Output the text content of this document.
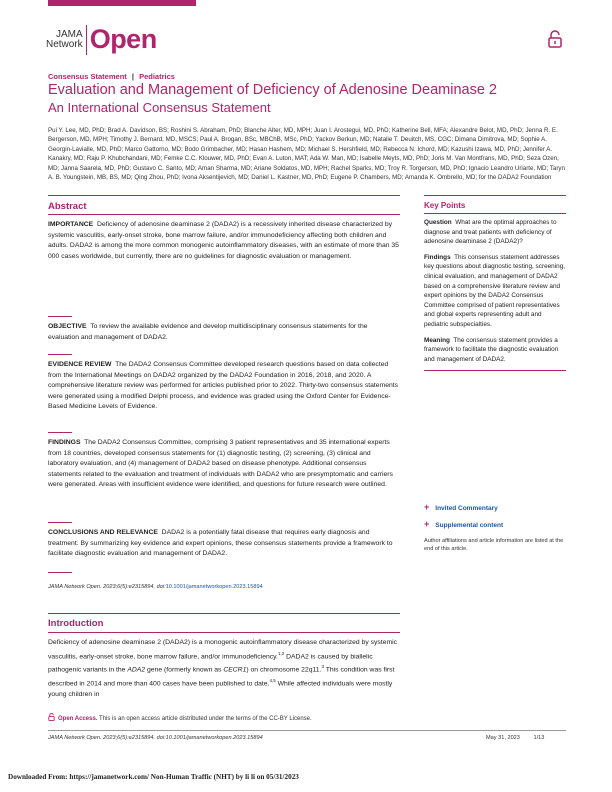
JAMA
Network		Open
Consensus Statement | Pediatrics
Evaluation and Management of Deficiency of Adenosine Deaminase 2
An International Consensus Statement
Pui Y. Lee, MD, PhD; Brad A. Davidson, BS; Roshini S. Abraham, PhD; Blanche Alter, MD, MPH; Juan I. Arostegui, MD, PhD; Katherine Bell, MFA; Alexandre Belot, MD, PhD; Jenna R. E. Bergerson, MD, MPH; Timothy J. Bernard, MD, MSCS; Paul A. Brogan, BSc, MBChB, MSc, PhD; Yackov Berkun, MD; Natalie T. Deuitch, MS, CGC; Dimana Dimitrova, MD; Sophie A. Georgin-Lavialle, MD, PhD; Marco Gattorno, MD; Bodo Grimbacher, MD; Hasan Hashem, MD; Michael S. Hershfield, MD; Rebecca N. Ichord, MD; Kazushi Izawa, MD, PhD; Jennifer A. Kanakry, MD; Raju P. Khubchandani, MD; Femke C.C. Klouwer, MD, PhD; Evan A. Luton, MAT; Ada W. Man, MD; Isabelle Meyts, MD, PhD; Joris M. Van Montfrans, MD, PhD; Seza Ozen, MD; Janna Saarela, MD, PhD; Gustavo C. Santo, MD; Aman Sharma, MD; Ariane Soldatos, MD, MPH; Rachel Sparks, MD; Troy R. Torgerson, MD, PhD; Ignacio Leandro Uriarte, MD; Taryn A. B. Youngstein, MB, BS, MD; Qing Zhou, PhD; Ivona Aksentijevich, MD; Daniel L. Kastner, MD, PhD; Eugene P. Chambers, MD; Amanda K. Ombrello, MD; for the DADA2 Foundation
Abstract
IMPORTANCE Deficiency of adenosine deaminase 2 (DADA2) is a recessively inherited disease characterized by systemic vasculitis, early-onset stroke, bone marrow failure, and/or immunodeficiency affecting both children and adults. DADA2 is among the more common monogenic autoinflammatory diseases, with an estimate of more than 35 000 cases worldwide, but currently, there are no guidelines for diagnostic evaluation or management.
OBJECTIVE To review the available evidence and develop multidisciplinary consensus statements for the evaluation and management of DADA2.
EVIDENCE REVIEW The DADA2 Consensus Committee developed research questions based on data collected from the International Meetings on DADA2 organized by the DADA2 Foundation in 2016, 2018, and 2020. A comprehensive literature review was performed for articles published prior to 2022. Thirty-two consensus statements were generated using a modified Delphi process, and evidence was graded using the Oxford Center for Evidence-Based Medicine Levels of Evidence.
FINDINGS The DADA2 Consensus Committee, comprising 3 patient representatives and 35 international experts from 18 countries, developed consensus statements for (1) diagnostic testing, (2) screening, (3) clinical and laboratory evaluation, and (4) management of DADA2 based on disease phenotype. Additional consensus statements related to the evaluation and treatment of individuals with DADA2 who are presymptomatic and carriers were generated. Areas with insufficient evidence were identified, and questions for future research were outlined.
CONCLUSIONS AND RELEVANCE DADA2 is a potentially fatal disease that requires early diagnosis and treatment. By summarizing key evidence and expert opinions, these consensus statements provide a framework to facilitate diagnostic evaluation and management of DADA2.
JAMA Network Open. 2023;6(5):e2315894. doi:10.1001/jamanetworkopen.2023.15894
Introduction
Deficiency of adenosine deaminase 2 (DADA2) is a monogenic autoinflammatory disease characterized by systemic vasculitis, early-onset stroke, bone marrow failure, and/or immunodeficiency.$^{1,2}$ DADA2 is caused by biallelic pathogenic variants in the ADA2 gene (formerly known as CECR1) on chromosome 22q11.$^3$ This condition was first described in 2014 and more than 400 cases have been published to date.$^{4,5}$ While affected individuals were mostly young children in
Key Points
Question What are the optimal approaches to diagnose and treat patients with deficiency of adenosine deaminase 2 (DADA2)?
Findings This consensus statement addresses key questions about diagnostic testing, screening, clinical evaluation, and management of DADA2 based on a comprehensive literature review and expert opinions by the DADA2 Consensus Committee comprised of patient representatives and global experts representing adult and pediatric subspecialties.
Meaning The consensus statement provides a framework to facilitate the diagnostic evaluation and management of DADA2.
+ Invited Commentary
+ Supplemental content
Author affiliations and article information are listed at the end of this article.
Open Access. This is an open access article distributed under the terms of the CC-BY License.
JAMA Network Open. 2023;6(5):e2315894. doi:10.1001/jamanetworkopen.2023.15894	May 31, 2023 1/13
Downloaded From: https://jamanetwork.com/ Non-Human Traffic (NHT) by li li on 05/31/2023
